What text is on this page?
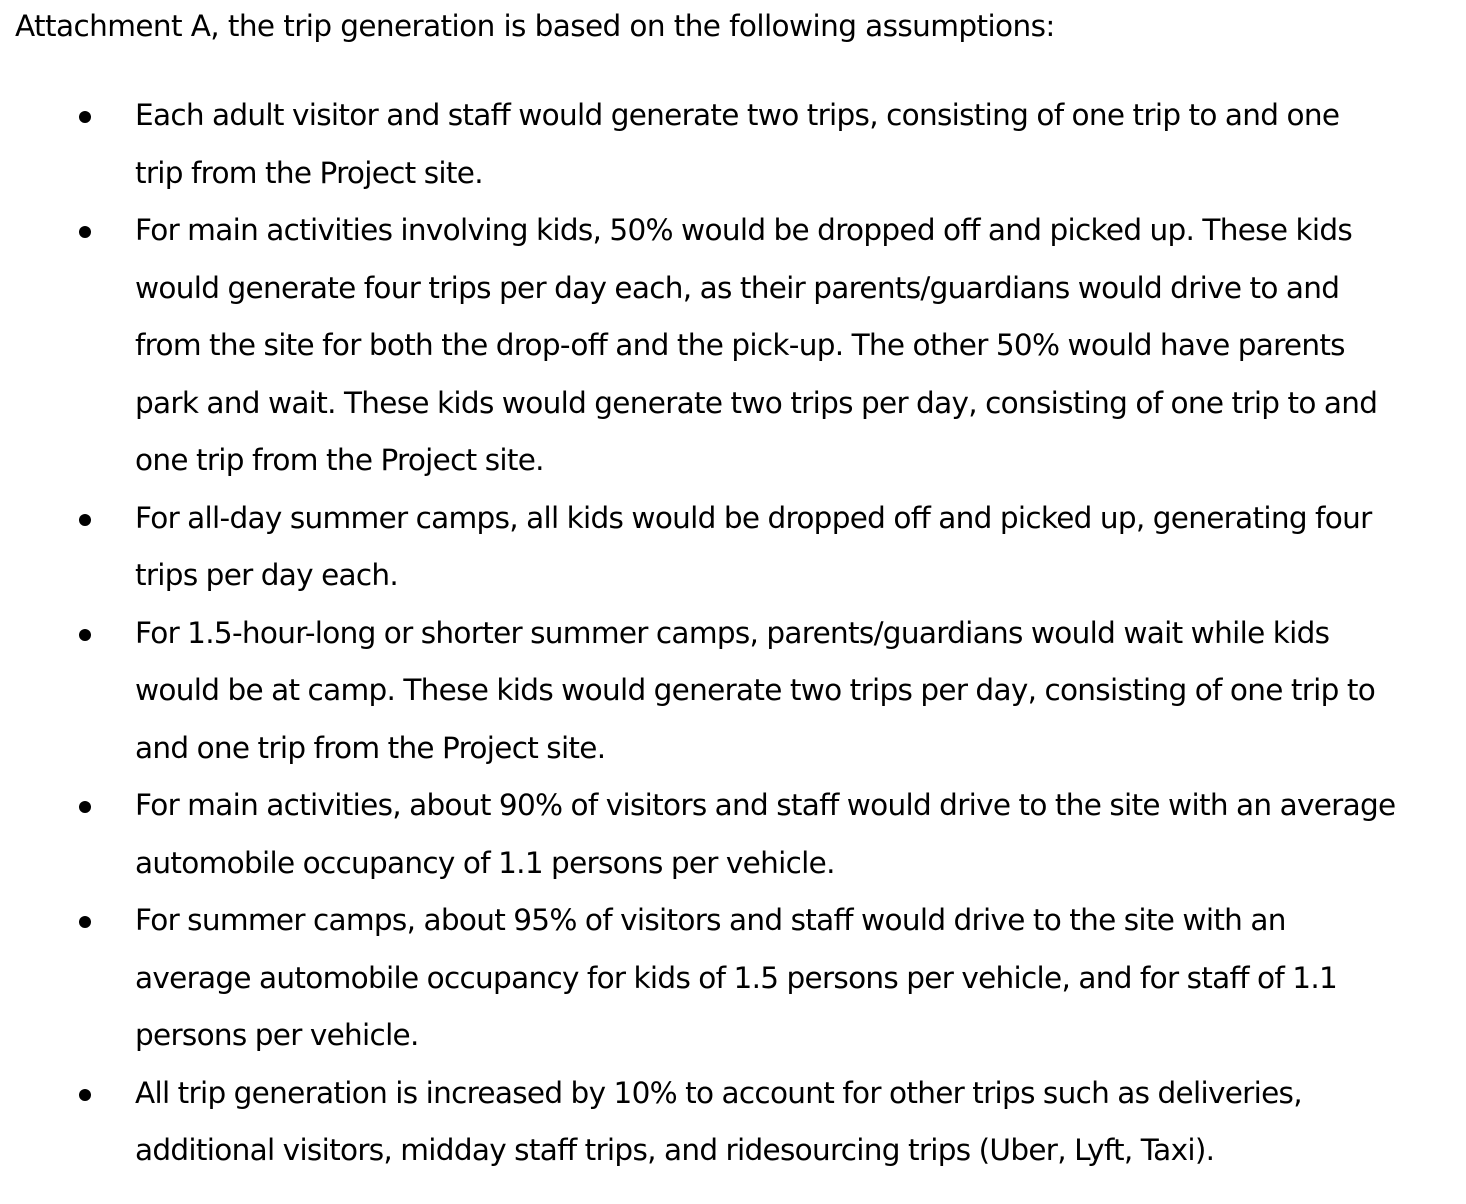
Attachment A, the trip generation is based on the following assumptions:

Each adult visitor and staff would generate two trips, consisting of one trip to and one
trip from the Project site.
For main activities involving kids, 50% would be dropped off and picked up. These kids
would generate four trips per day each, as their parents/guardians would drive to and
from the site for both the drop-off and the pick-up. The other 50% would have parents
park and wait. These kids would generate two trips per day, consisting of one trip to and
one trip from the Project site.
For all-day summer camps, all kids would be dropped off and picked up, generating four
trips per day each.
For 1.5-hour-long or shorter summer camps, parents/guardians would wait while kids
would be at camp. These kids would generate two trips per day, consisting of one trip to
and one trip from the Project site.
For main activities, about 90% of visitors and staff would drive to the site with an average
automobile occupancy of 1.1 persons per vehicle.
For summer camps, about 95% of visitors and staff would drive to the site with an
average automobile occupancy for kids of 1.5 persons per vehicle, and for staff of 1.1
persons per vehicle.
All trip generation is increased by 10% to account for other trips such as deliveries,
additional visitors, midday staff trips, and ridesourcing trips (Uber, Lyft, Taxi).
